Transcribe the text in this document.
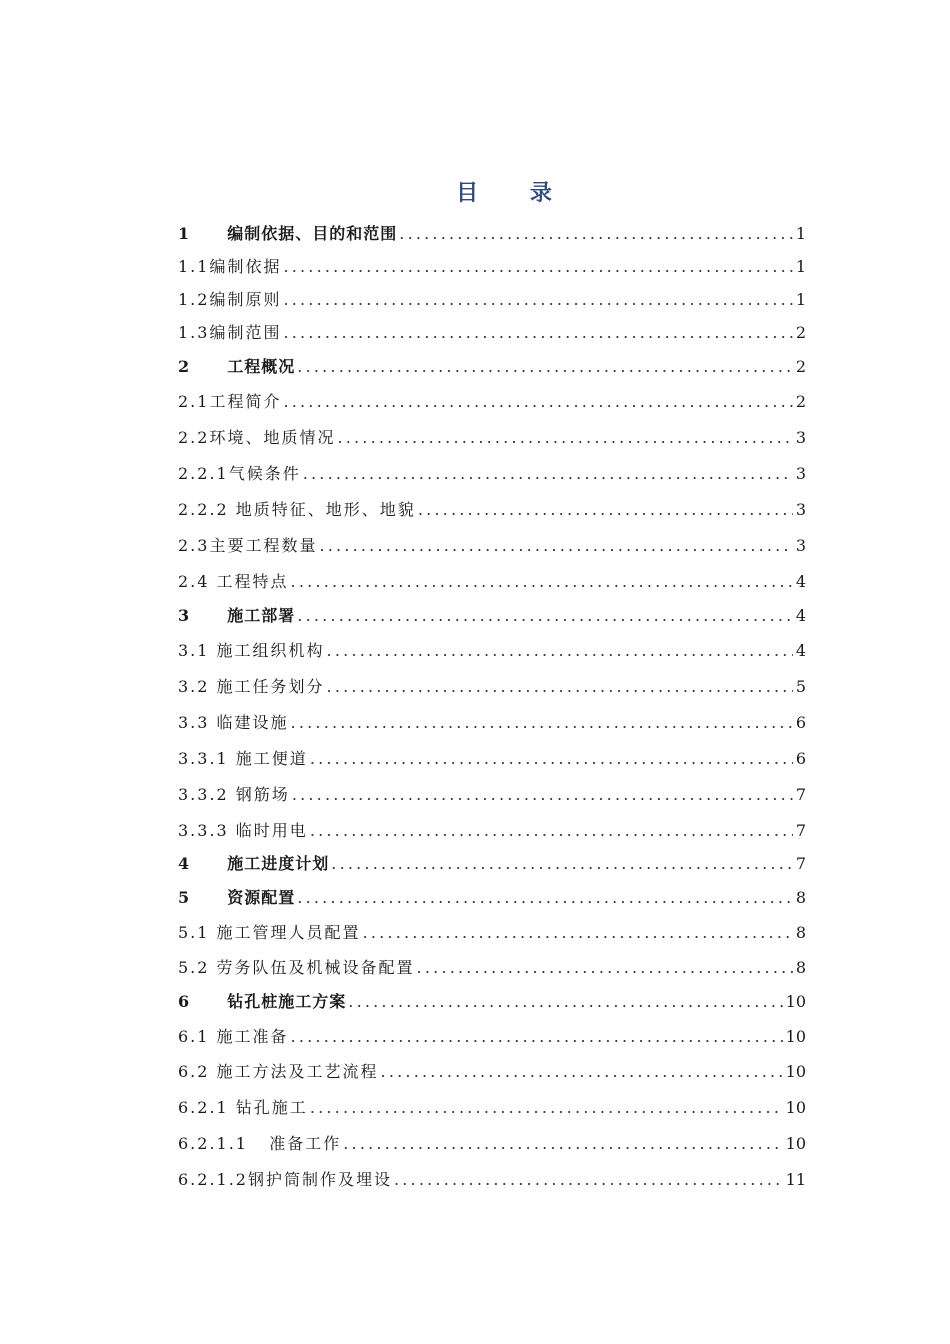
目 录
1  编制依据、目的和范围 .....	1
1.1编制依据 .....	1
1.2编制原则 .....	1
1.3编制范围 .....	2
2  工程概况 .....	2
2.1工程简介 .....	2
2.2环境、地质情况 .....	3
2.2.1气候条件 .....	3
2.2.2 地质特征、地形、地貌 .....	3
2.3主要工程数量 .....	3
2.4 工程特点 .....	4
3  施工部署 .....	4
3.1 施工组织机构 .....	4
3.2 施工任务划分 .....	5
3.3 临建设施 .....	6
3.3.1 施工便道 .....	6
3.3.2 钢筋场 .....	7
3.3.3 临时用电 .....	7
4  施工进度计划 .....	7
5  资源配置 .....	8
5.1 施工管理人员配置 .....	8
5.2 劳务队伍及机械设备配置 .....	8
6  钻孔桩施工方案 .....	10
6.1 施工准备 .....	10
6.2 施工方法及工艺流程 .....	10
6.2.1 钻孔施工 .....	10
6.2.1.1   准备工作 .....	10
6.2.1.2钢护筒制作及埋设 .....	11
